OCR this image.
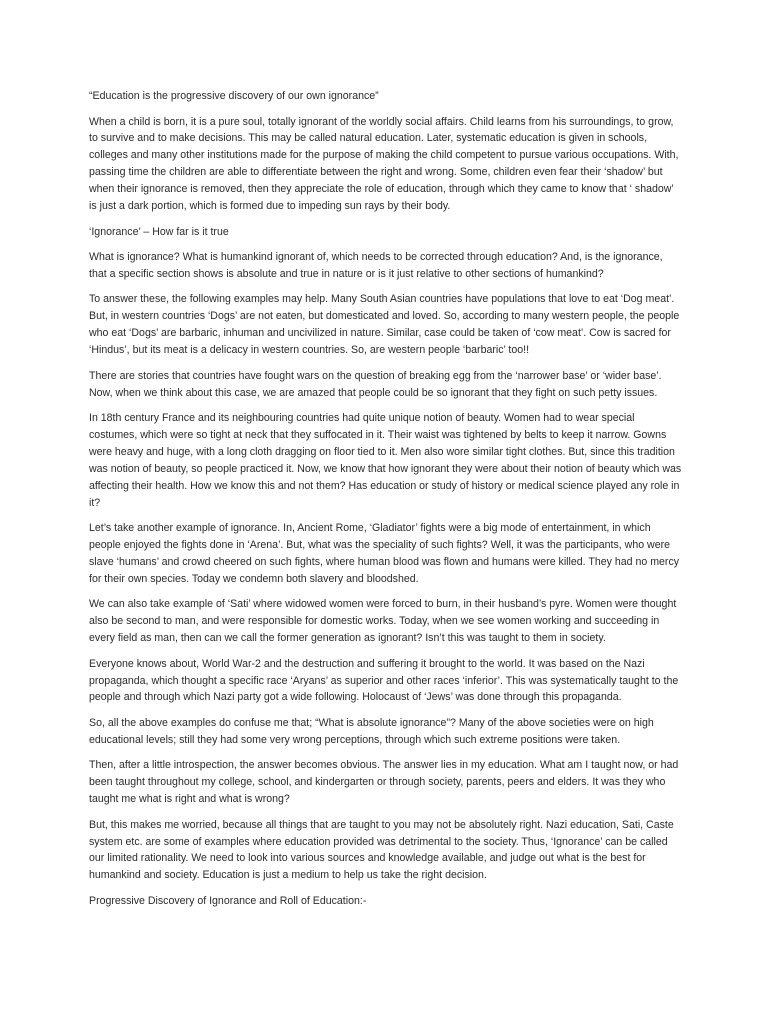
“Education is the progressive discovery of our own ignorance”

When a child is born, it is a pure soul, totally ignorant of the worldly social affairs. Child learns from his surroundings, to grow, to survive and to make decisions. This may be called natural education. Later, systematic education is given in schools, colleges and many other institutions made for the purpose of making the child competent to pursue various occupations. With, passing time the children are able to differentiate between the right and wrong. Some, children even fear their ‘shadow’ but when their ignorance is removed, then they appreciate the role of education, through which they came to know that ‘ shadow’ is just a dark portion, which is formed due to impeding sun rays by their body.

‘Ignorance’ – How far is it true

What is ignorance? What is humankind ignorant of, which needs to be corrected through education? And, is the ignorance, that a specific section shows is absolute and true in nature or is it just relative to other sections of humankind?

To answer these, the following examples may help. Many South Asian countries have populations that love to eat ‘Dog meat’. But, in western countries ‘Dogs’ are not eaten, but domesticated and loved. So, according to many western people, the people who eat ‘Dogs’ are barbaric, inhuman and uncivilized in nature. Similar, case could be taken of ‘cow meat’. Cow is sacred for ‘Hindus’, but its meat is a delicacy in western countries. So, are western people ‘barbaric’ too!!

There are stories that countries have fought wars on the question of breaking egg from the ‘narrower base’ or ‘wider base’. Now, when we think about this case, we are amazed that people could be so ignorant that they fight on such petty issues.

In 18th century France and its neighbouring countries had quite unique notion of beauty. Women had to wear special costumes, which were so tight at neck that they suffocated in it. Their waist was tightened by belts to keep it narrow. Gowns were heavy and huge, with a long cloth dragging on floor tied to it. Men also wore similar tight clothes. But, since this tradition was notion of beauty, so people practiced it. Now, we know that how ignorant they were about their notion of beauty which was affecting their health. How we know this and not them? Has education or study of history or medical science played any role in it?

Let’s take another example of ignorance. In, Ancient Rome, ‘Gladiator’ fights were a big mode of entertainment, in which people enjoyed the fights done in ‘Arena’. But, what was the speciality of such fights? Well, it was the participants, who were slave ‘humans’ and crowd cheered on such fights, where human blood was flown and humans were killed. They had no mercy for their own species. Today we condemn both slavery and bloodshed.

We can also take example of ‘Sati’ where widowed women were forced to burn, in their husband’s pyre. Women were thought also be second to man, and were responsible for domestic works. Today, when we see women working and succeeding in every field as man, then can we call the former generation as ignorant? Isn’t this was taught to them in society.

Everyone knows about, World War-2 and the destruction and suffering it brought to the world. It was based on the Nazi propaganda, which thought a specific race ‘Aryans’ as superior and other races ‘inferior’. This was systematically taught to the people and through which Nazi party got a wide following. Holocaust of ‘Jews’ was done through this propaganda.

So, all the above examples do confuse me that; “What is absolute ignorance”? Many of the above societies were on high educational levels; still they had some very wrong perceptions, through which such extreme positions were taken.

Then, after a little introspection, the answer becomes obvious. The answer lies in my education. What am I taught now, or had been taught throughout my college, school, and kindergarten or through society, parents, peers and elders. It was they who taught me what is right and what is wrong?

But, this makes me worried, because all things that are taught to you may not be absolutely right. Nazi education, Sati, Caste system etc. are some of examples where education provided was detrimental to the society. Thus, ‘Ignorance’ can be called our limited rationality. We need to look into various sources and knowledge available, and judge out what is the best for humankind and society. Education is just a medium to help us take the right decision.

Progressive Discovery of Ignorance and Roll of Education:-
